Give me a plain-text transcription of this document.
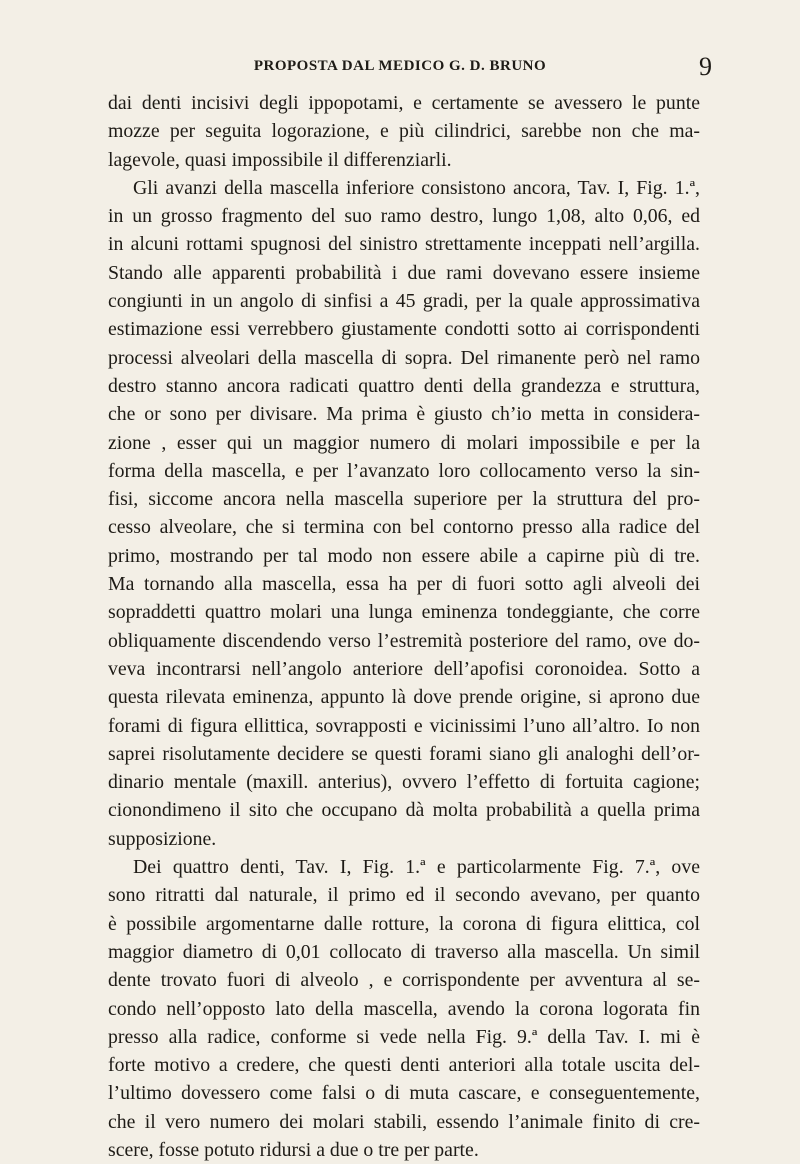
PROPOSTA DAL MEDICO G. D. BRUNO	9
dai denti incisivi degli ippopotami, e certamente se avessero le punte
mozze per seguita logorazione, e più cilindrici, sarebbe non che ma-
lagevole, quasi impossibile il differenziarli.
Gli avanzi della mascella inferiore consistono ancora, Tav. I, Fig. 1.ª,
in un grosso fragmento del suo ramo destro, lungo 1,08, alto 0,06, ed
in alcuni rottami spugnosi del sinistro strettamente inceppati nell’argilla.
Stando alle apparenti probabilità i due rami dovevano essere insieme
congiunti in un angolo di sinfisi a 45 gradi, per la quale approssimativa
estimazione essi verrebbero giustamente condotti sotto ai corrispondenti
processi alveolari della mascella di sopra. Del rimanente però nel ramo
destro stanno ancora radicati quattro denti della grandezza e struttura,
che or sono per divisare. Ma prima è giusto ch’io metta in considera-
zione , esser qui un maggior numero di molari impossibile e per la
forma della mascella, e per l’avanzato loro collocamento verso la sin-
fisi, siccome ancora nella mascella superiore per la struttura del pro-
cesso alveolare, che si termina con bel contorno presso alla radice del
primo, mostrando per tal modo non essere abile a capirne più di tre.
Ma tornando alla mascella, essa ha per di fuori sotto agli alveoli dei
sopraddetti quattro molari una lunga eminenza tondeggiante, che corre
obliquamente discendendo verso l’estremità posteriore del ramo, ove do-
veva incontrarsi nell’angolo anteriore dell’apofisi coronoidea. Sotto a
questa rilevata eminenza, appunto là dove prende origine, si aprono due
forami di figura ellittica, sovrapposti e vicinissimi l’uno all’altro. Io non
saprei risolutamente decidere se questi forami siano gli analoghi dell’or-
dinario mentale (maxill. anterius), ovvero l’effetto di fortuita cagione;
cionondimeno il sito che occupano dà molta probabilità a quella prima
supposizione.
Dei quattro denti, Tav. I, Fig. 1.ª e particolarmente Fig. 7.ª, ove
sono ritratti dal naturale, il primo ed il secondo avevano, per quanto
è possibile argomentarne dalle rotture, la corona di figura elittica, col
maggior diametro di 0,01 collocato di traverso alla mascella. Un simil
dente trovato fuori di alveolo , e corrispondente per avventura al se-
condo nell’opposto lato della mascella, avendo la corona logorata fin
presso alla radice, conforme si vede nella Fig. 9.ª della Tav. I. mi è
forte motivo a credere, che questi denti anteriori alla totale uscita del-
l’ultimo dovessero come falsi o di muta cascare, e conseguentemente,
che il vero numero dei molari stabili, essendo l’animale finito di cre-
scere, fosse potuto ridursi a due o tre per parte.
